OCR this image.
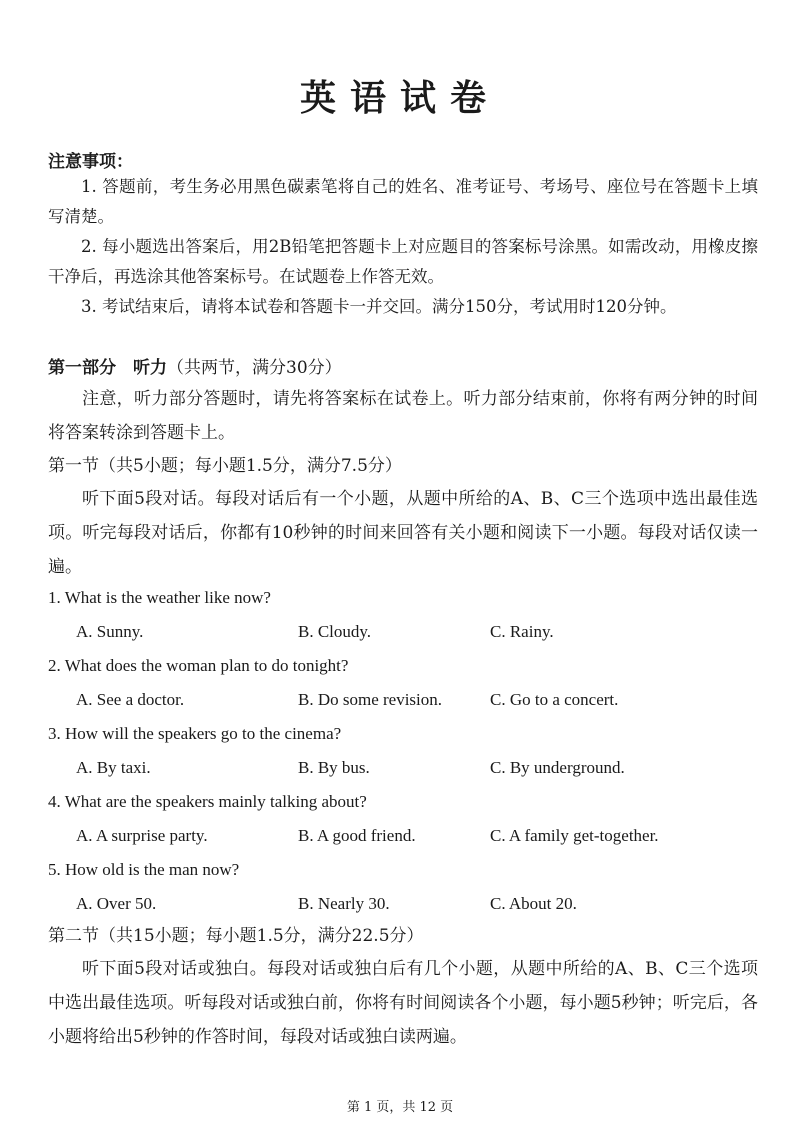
英语试卷
注意事项：
1. 答题前，考生务必用黑色碳素笔将自己的姓名、准考证号、考场号、座位号在答题卡上填写清楚。
2. 每小题选出答案后，用2B铅笔把答题卡上对应题目的答案标号涂黑。如需改动，用橡皮擦干净后，再选涂其他答案标号。在试题卷上作答无效。
3. 考试结束后，请将本试卷和答题卡一并交回。满分150分，考试用时120分钟。
第一部分　听力（共两节，满分30分）
注意，听力部分答题时，请先将答案标在试卷上。听力部分结束前，你将有两分钟的时间将答案转涂到答题卡上。
第一节（共5小题；每小题1.5分，满分7.5分）
听下面5段对话。每段对话后有一个小题，从题中所给的A、B、C三个选项中选出最佳选项。听完每段对话后，你都有10秒钟的时间来回答有关小题和阅读下一小题。每段对话仅读一遍。
1. What is the weather like now?
A. Sunny.	B. Cloudy.	C. Rainy.
2. What does the woman plan to do tonight?
A. See a doctor.	B. Do some revision.	C. Go to a concert.
3. How will the speakers go to the cinema?
A. By taxi.	B. By bus.	C. By underground.
4. What are the speakers mainly talking about?
A. A surprise party.	B. A good friend.	C. A family get-together.
5. How old is the man now?
A. Over 50.	B. Nearly 30.	C. About 20.
第二节（共15小题；每小题1.5分，满分22.5分）
听下面5段对话或独白。每段对话或独白后有几个小题，从题中所给的A、B、C三个选项中选出最佳选项。听每段对话或独白前，你将有时间阅读各个小题，每小题5秒钟；听完后，各小题将给出5秒钟的作答时间，每段对话或独白读两遍。
第 1 页，共 12 页
